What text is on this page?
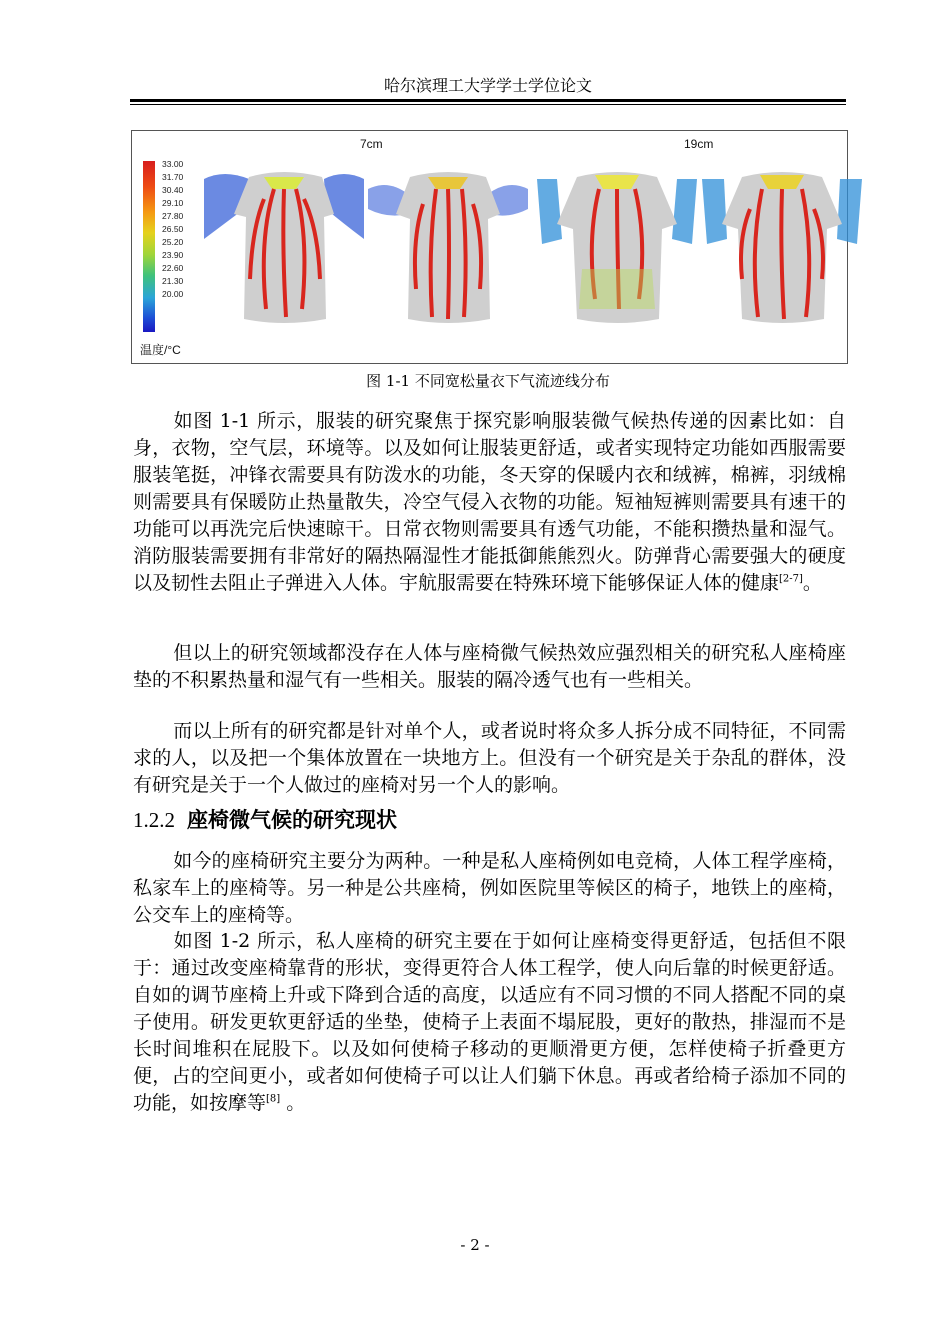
哈尔滨理工大学学士学位论文
33.00
31.70
30.40
29.10
27.80
26.50
25.20
23.90
22.60
21.30
20.00
温度/°C
7cm	19cm
图 1-1 不同宽松量衣下气流迹线分布

如图 1-1 所示，服装的研究聚焦于探究影响服装微气候热传递的因素比如：自身，衣物，空气层，环境等。以及如何让服装更舒适，或者实现特定功能如西服需要服装笔挺，冲锋衣需要具有防泼水的功能，冬天穿的保暖内衣和绒裤，棉裤，羽绒棉则需要具有保暖防止热量散失，冷空气侵入衣物的功能。短袖短裤则需要具有速干的功能可以再洗完后快速晾干。日常衣物则需要具有透气功能，不能积攒热量和湿气。消防服装需要拥有非常好的隔热隔湿性才能抵御熊熊烈火。防弹背心需要强大的硬度以及韧性去阻止子弹进入人体。宇航服需要在特殊环境下能够保证人体的健康[2-7]。

但以上的研究领域都没存在人体与座椅微气候热效应强烈相关的研究私人座椅座垫的不积累热量和湿气有一些相关。服装的隔冷透气也有一些相关。

而以上所有的研究都是针对单个人，或者说时将众多人拆分成不同特征，不同需求的人，以及把一个集体放置在一块地方上。但没有一个研究是关于杂乱的群体，没有研究是关于一个人做过的座椅对另一个人的影响。

1.2.2 座椅微气候的研究现状

如今的座椅研究主要分为两种。一种是私人座椅例如电竞椅，人体工程学座椅，私家车上的座椅等。另一种是公共座椅，例如医院里等候区的椅子，地铁上的座椅，公交车上的座椅等。

如图 1-2 所示，私人座椅的研究主要在于如何让座椅变得更舒适，包括但不限于：通过改变座椅靠背的形状，变得更符合人体工程学，使人向后靠的时候更舒适。自如的调节座椅上升或下降到合适的高度，以适应有不同习惯的不同人搭配不同的桌子使用。研发更软更舒适的坐垫，使椅子上表面不塌屁股，更好的散热，排湿而不是长时间堆积在屁股下。以及如何使椅子移动的更顺滑更方便，怎样使椅子折叠更方便，占的空间更小，或者如何使椅子可以让人们躺下休息。再或者给椅子添加不同的功能，如按摩等[8] 。

- 2 -
